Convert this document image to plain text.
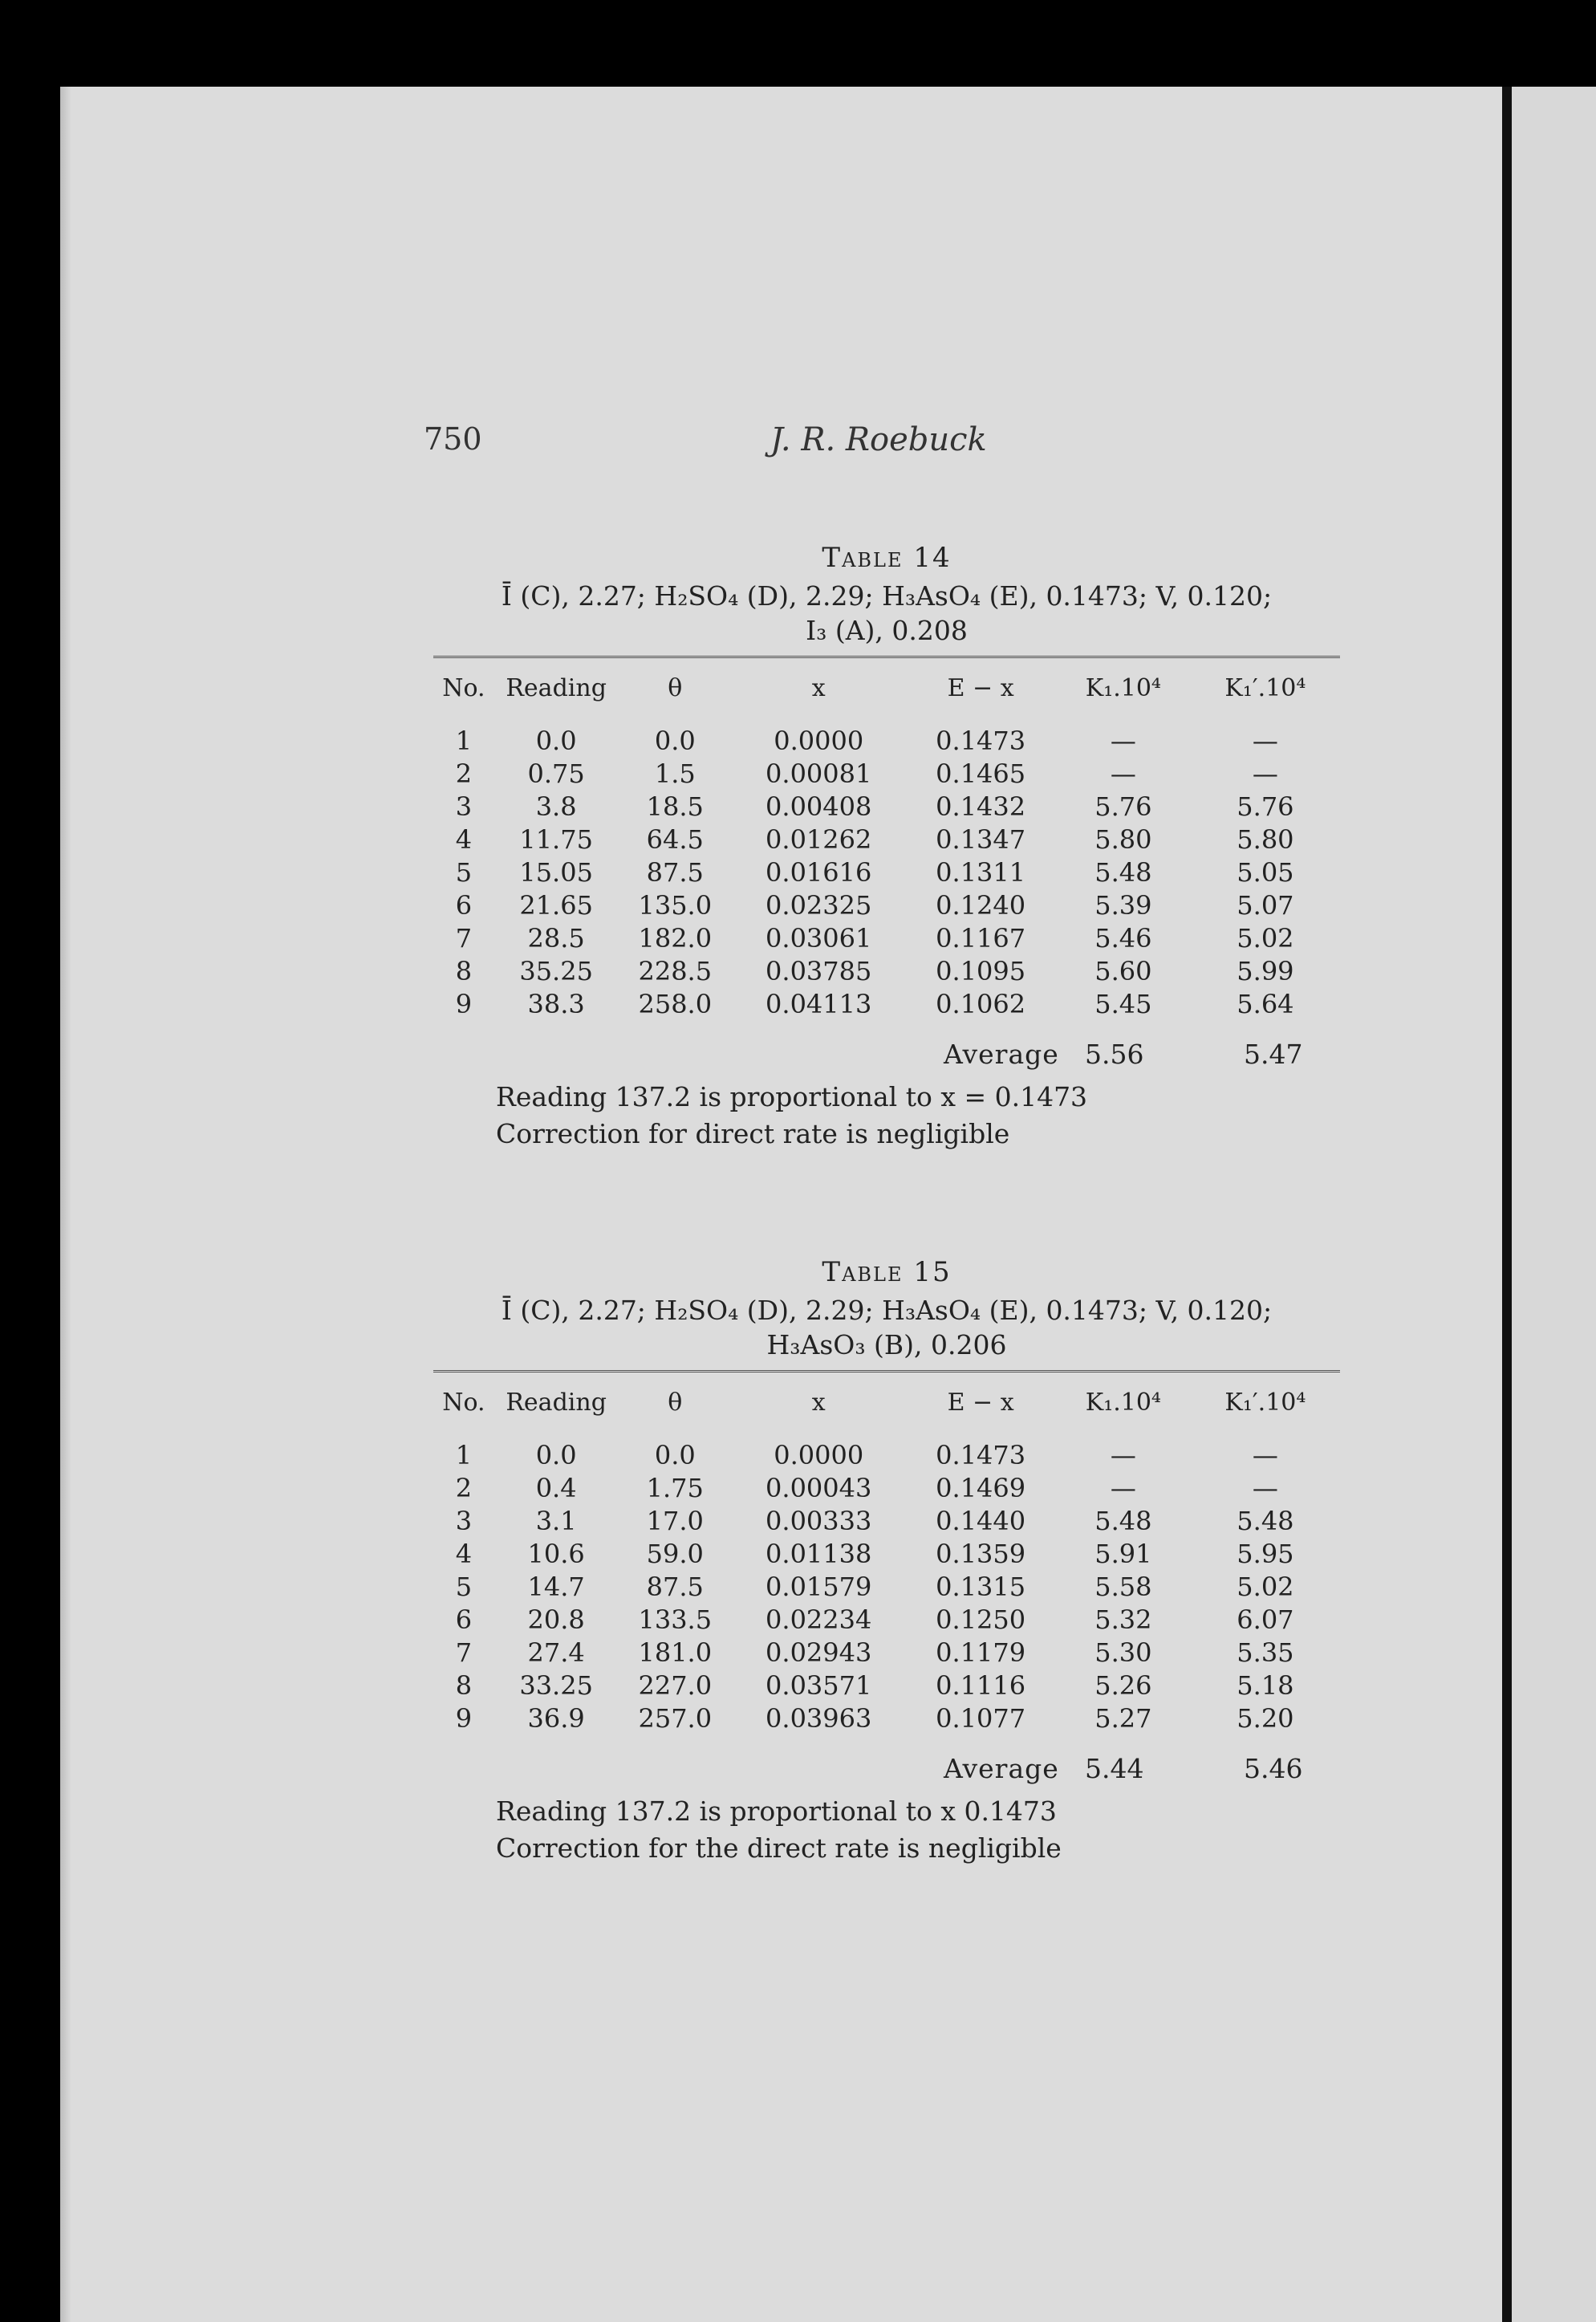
750	J. R. Roebuck
Table 14
Ī (C), 2.27; H₂SO₄ (D), 2.29; H₃AsO₄ (E), 0.1473; V, 0.120;
I₃ (A), 0.208
No.	Reading	θ	x	E − x	K₁.10⁴	K₁′.10⁴
1	0.0	0.0	0.0000	0.1473	—	—
2	0.75	1.5	0.00081	0.1465	—	—
3	3.8	18.5	0.00408	0.1432	5.76	5.76
4	11.75	64.5	0.01262	0.1347	5.80	5.80
5	15.05	87.5	0.01616	0.1311	5.48	5.05
6	21.65	135.0	0.02325	0.1240	5.39	5.07
7	28.5	182.0	0.03061	0.1167	5.46	5.02
8	35.25	228.5	0.03785	0.1095	5.60	5.99
9	38.3	258.0	0.04113	0.1062	5.45	5.64
Average 5.56	5.47
Reading 137.2 is proportional to x = 0.1473
Correction for direct rate is negligible
Table 15
Ī (C), 2.27; H₂SO₄ (D), 2.29; H₃AsO₄ (E), 0.1473; V, 0.120;
H₃AsO₃ (B), 0.206
No.	Reading	θ	x	E − x	K₁.10⁴	K₁′.10⁴
1	0.0	0.0	0.0000	0.1473	—	—
2	0.4	1.75	0.00043	0.1469	—	—
3	3.1	17.0	0.00333	0.1440	5.48	5.48
4	10.6	59.0	0.01138	0.1359	5.91	5.95
5	14.7	87.5	0.01579	0.1315	5.58	5.02
6	20.8	133.5	0.02234	0.1250	5.32	6.07
7	27.4	181.0	0.02943	0.1179	5.30	5.35
8	33.25	227.0	0.03571	0.1116	5.26	5.18
9	36.9	257.0	0.03963	0.1077	5.27	5.20
Average 5.44	5.46
Reading 137.2 is proportional to x 0.1473
Correction for the direct rate is negligible
